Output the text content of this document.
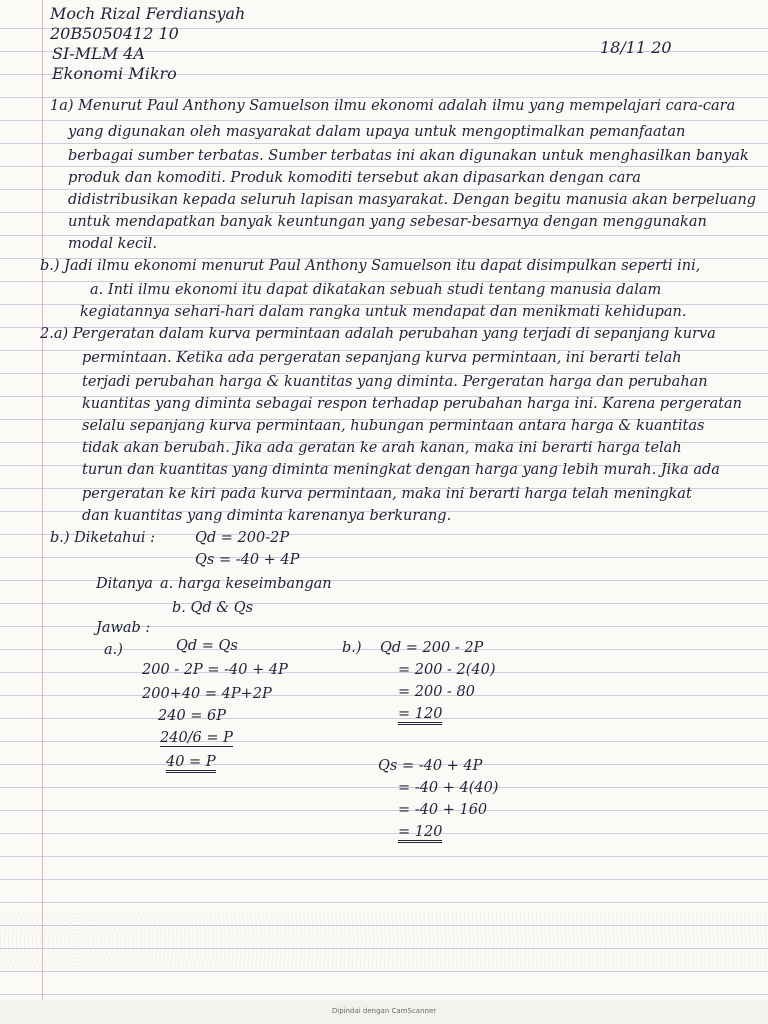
Moch Rizal Ferdiansyah
20B5050412 10
SI-MLM 4A
Ekonomi Mikro
18/11 20
1a) Menurut Paul Anthony Samuelson ilmu ekonomi adalah ilmu yang mempelajari cara-cara
yang digunakan oleh masyarakat dalam upaya untuk mengoptimalkan pemanfaatan
berbagai sumber terbatas. Sumber terbatas ini akan digunakan untuk menghasilkan banyak
produk dan komoditi. Produk komoditi tersebut akan dipasarkan dengan cara
didistribusikan kepada seluruh lapisan masyarakat. Dengan begitu manusia akan berpeluang
untuk mendapatkan banyak keuntungan yang sebesar-besarnya dengan menggunakan
modal kecil.
b.) Jadi ilmu ekonomi menurut Paul Anthony Samuelson itu dapat disimpulkan seperti ini,
a. Inti ilmu ekonomi itu dapat dikatakan sebuah studi tentang manusia dalam
kegiatannya sehari-hari dalam rangka untuk mendapat dan menikmati kehidupan.
2.a) Pergeratan dalam kurva permintaan adalah perubahan yang terjadi di sepanjang kurva
permintaan. Ketika ada pergeratan sepanjang kurva permintaan, ini berarti telah
terjadi perubahan harga & kuantitas yang diminta. Pergeratan harga dan perubahan
kuantitas yang diminta sebagai respon terhadap perubahan harga ini. Karena pergeratan
selalu sepanjang kurva permintaan, hubungan permintaan antara harga & kuantitas
tidak akan berubah. Jika ada geratan ke arah kanan, maka ini berarti harga telah
turun dan kuantitas yang diminta meningkat dengan harga yang lebih murah. Jika ada
pergeratan ke kiri pada kurva permintaan, maka ini berarti harga telah meningkat
dan kuantitas yang diminta karenanya berkurang.
b.) Diketahui :	Qd = 200-2P
Qs = -40 + 4P
Ditanya a. harga keseimbangan
b. Qd & Qs
Jawab :
a.)	Qd = Qs
200 - 2P = -40 + 4P
200+40 = 4P+2P
240 = 6P
240/6 = P
40 = P
b.) Qd = 200 - 2P
= 200 - 2(40)
= 200 - 80
= 120
Qs = -40 + 4P
= -40 + 4(40)
= -40 + 160
= 120
Dipindai dengan CamScanner
